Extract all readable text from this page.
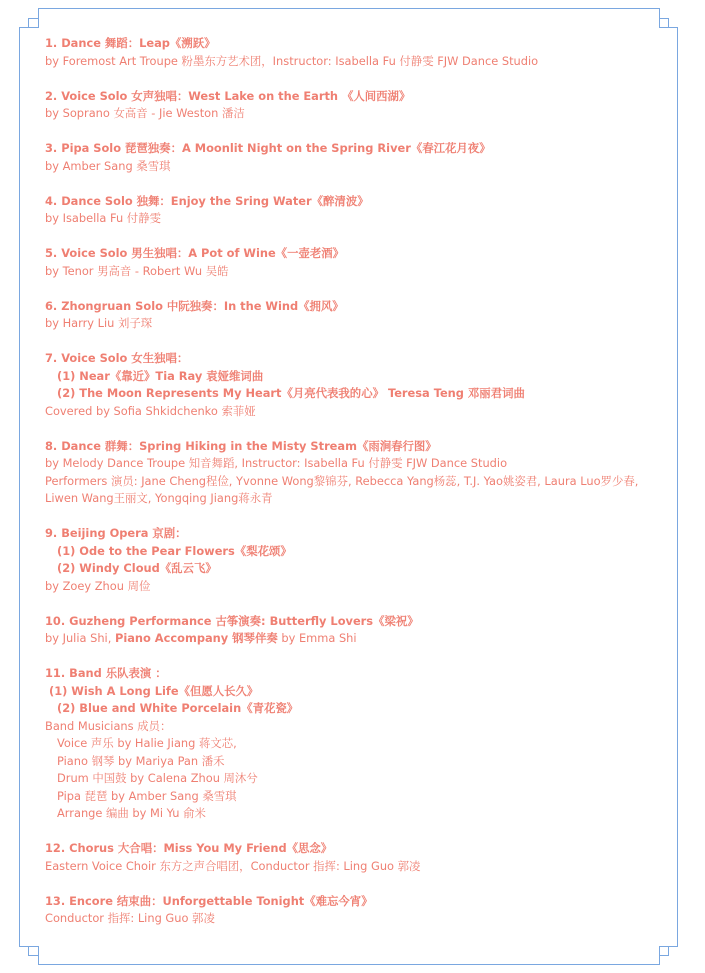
1. Dance 舞蹈：Leap《溯跃》
by Foremost Art Troupe 粉墨东方艺术团，Instructor: Isabella Fu 付静雯 FJW Dance Studio
2. Voice Solo 女声独唱：West Lake on the Earth 《人间西湖》
by Soprano 女高音 - Jie Weston 潘洁
3. Pipa Solo 琵琶独奏：A Moonlit Night on the Spring River《春江花月夜》
by Amber Sang 桑雪琪
4. Dance Solo 独舞：Enjoy the Sring Water《醉清波》
by Isabella Fu 付静雯
5. Voice Solo 男生独唱：A Pot of Wine《一壶老酒》
by Tenor 男高音 - Robert Wu 吴皓
6. Zhongruan Solo 中阮独奏：In the Wind《拥风》
by Harry Liu 刘子琛
7. Voice Solo 女生独唱：
(1) Near《靠近》Tia Ray 袁娅维词曲
(2) The Moon Represents My Heart《月亮代表我的心》 Teresa Teng 邓丽君词曲
Covered by Sofia Shkidchenko 索菲娅
8. Dance 群舞：Spring Hiking in the Misty Stream《雨涧春行图》
by Melody Dance Troupe 知音舞蹈, Instructor: Isabella Fu 付静雯 FJW Dance Studio
Performers 演员: Jane Cheng程俭, Yvonne Wong黎锦芬, Rebecca Yang杨蕊, T.J. Yao姚姿君, Laura Luo罗少春, Liwen Wang王丽文, Yongqing Jiang蒋永青
9. Beijing Opera 京剧：
(1) Ode to the Pear Flowers《梨花颂》
(2) Windy Cloud《乱云飞》
by Zoey Zhou 周俭
10. Guzheng Performance 古筝演奏: Butterfly Lovers《梁祝》
by Julia Shi, Piano Accompany 钢琴伴奏 by Emma Shi
11. Band 乐队表演 ：
(1) Wish A Long Life《但愿人长久》
(2) Blue and White Porcelain《青花瓷》
Band Musicians 成员：
Voice 声乐 by Halie Jiang 蒋文芯,
Piano 钢琴 by Mariya Pan 潘禾
Drum 中国鼓 by Calena Zhou 周沐兮
Pipa 琵琶 by Amber Sang 桑雪琪
Arrange 编曲 by Mi Yu 俞米
12. Chorus 大合唱：Miss You My Friend《思念》
Eastern Voice Choir 东方之声合唱团，Conductor 指挥: Ling Guo 郭凌
13. Encore 结束曲：Unforgettable Tonight《难忘今宵》
Conductor 指挥: Ling Guo 郭凌
